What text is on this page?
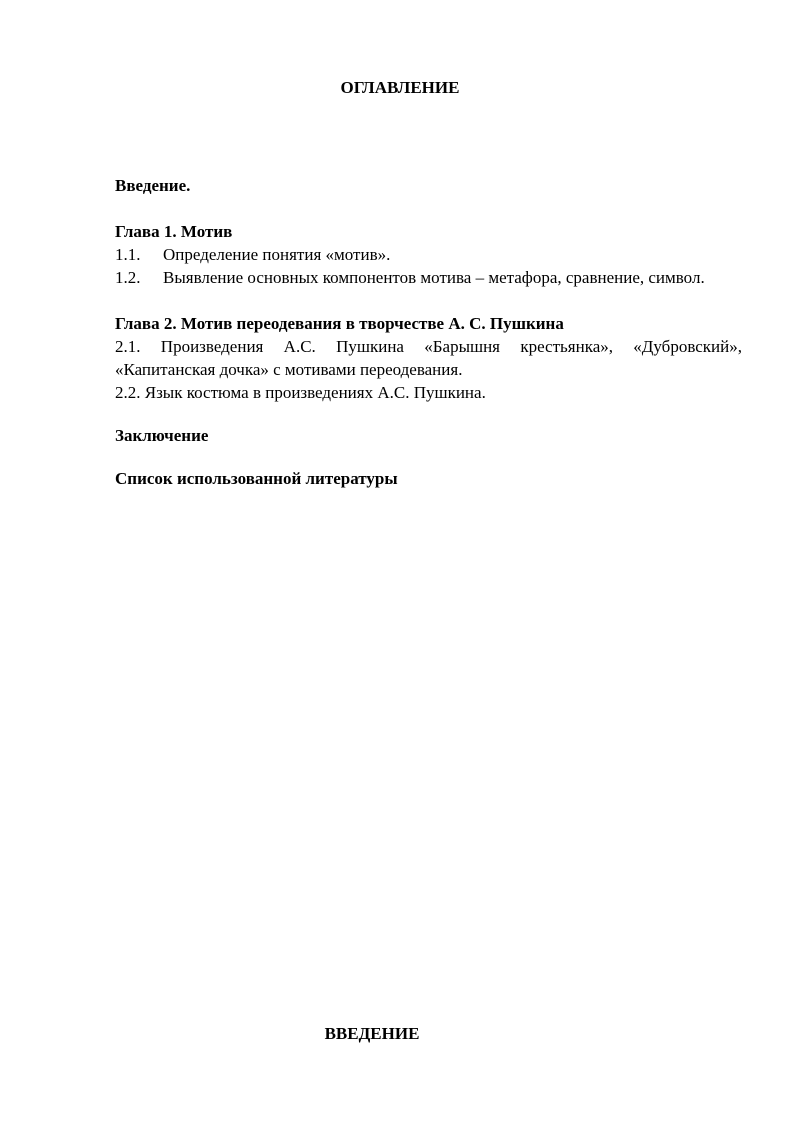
ОГЛАВЛЕНИЕ

Введение.

Глава 1. Мотив

1.1.	Определение понятия «мотив».
1.2.	Выявление основных компонентов мотива – метафора, сравнение, символ.

Глава 2. Мотив переодевания в творчестве А. С. Пушкина

2.1. Произведения А.С. Пушкина «Барышня крестьянка», «Дубровский», «Капитанская дочка» с мотивами переодевания.

2.2. Язык костюма в произведениях А.С. Пушкина.

Заключение

Список использованной литературы

ВВЕДЕНИЕ
